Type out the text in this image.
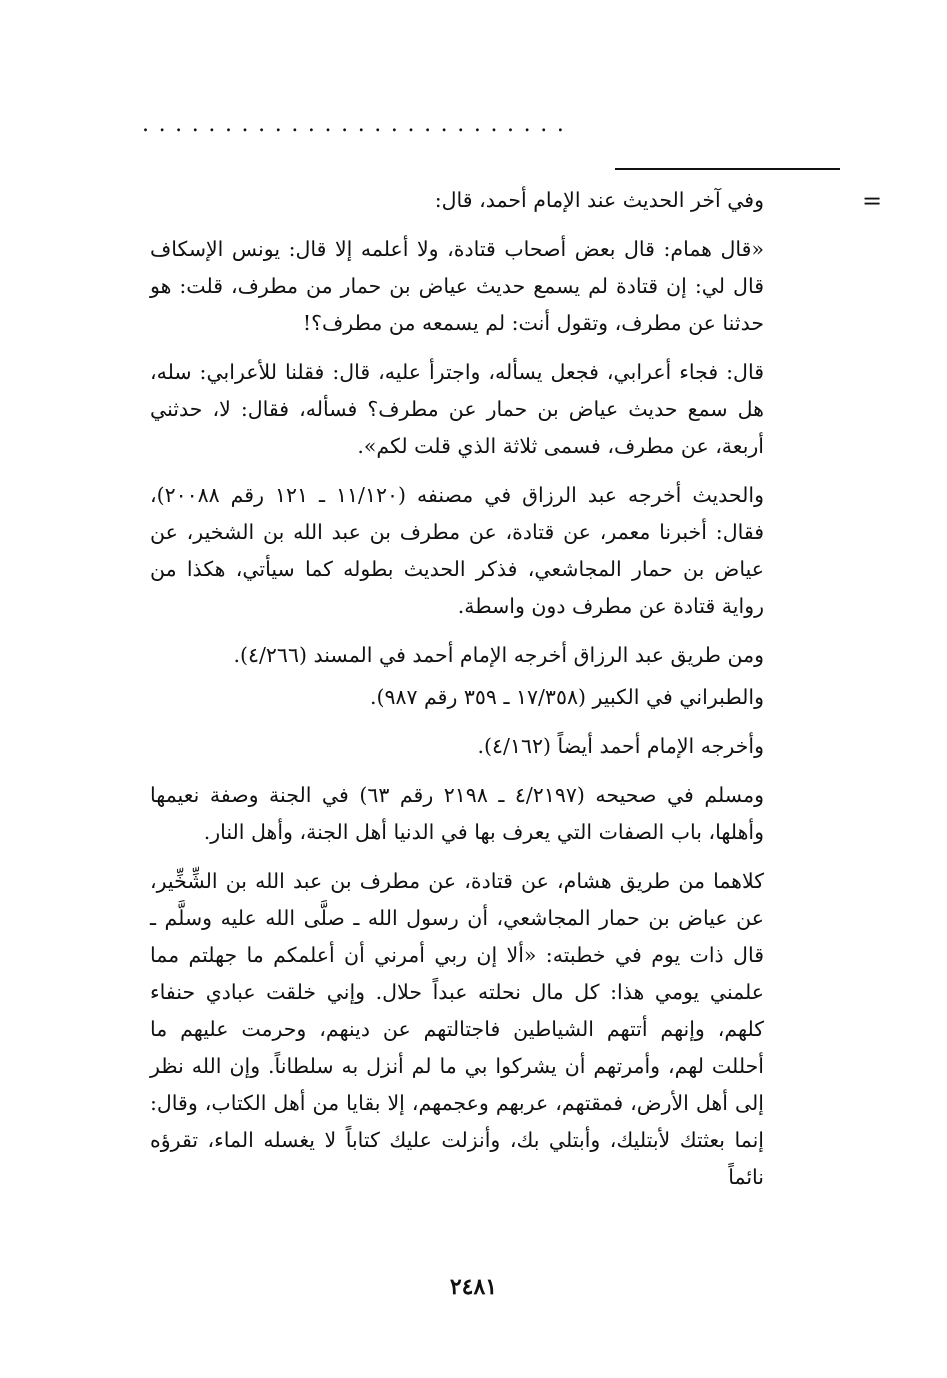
..........................
=

وفي آخر الحديث عند الإمام أحمد، قال:

«قال همام: قال بعض أصحاب قتادة، ولا أعلمه إلا قال: يونس الإسكاف قال لي: إن قتادة لم يسمع حديث عياض بن حمار من مطرف، قلت: هو حدثنا عن مطرف، وتقول أنت: لم يسمعه من مطرف؟!

قال: فجاء أعرابي، فجعل يسأله، واجترأ عليه، قال: فقلنا للأعرابي: سله، هل سمع حديث عياض بن حمار عن مطرف؟ فسأله، فقال: لا، حدثني أربعة، عن مطرف، فسمى ثلاثة الذي قلت لكم».

والحديث أخرجه عبد الرزاق في مصنفه (١١/١٢٠ ـ ١٢١ رقم ٢٠٠٨٨)، فقال: أخبرنا معمر، عن قتادة، عن مطرف بن عبد الله بن الشخير، عن عياض بن حمار المجاشعي، فذكر الحديث بطوله كما سيأتي، هكذا من رواية قتادة عن مطرف دون واسطة.

ومن طريق عبد الرزاق أخرجه الإمام أحمد في المسند (٤/٢٦٦).

والطبراني في الكبير (١٧/٣٥٨ ـ ٣٥٩ رقم ٩٨٧).

وأخرجه الإمام أحمد أيضاً (٤/١٦٢).

ومسلم في صحيحه (٤/٢١٩٧ ـ ٢١٩٨ رقم ٦٣) في الجنة وصفة نعيمها وأهلها، باب الصفات التي يعرف بها في الدنيا أهل الجنة، وأهل النار.

كلاهما من طريق هشام، عن قتادة، عن مطرف بن عبد الله بن الشِّخِّير، عن عياض بن حمار المجاشعي، أن رسول الله ـ صلَّى الله عليه وسلَّم ـ قال ذات يوم في خطبته: «ألا إن ربي أمرني أن أعلمكم ما جهلتم مما علمني يومي هذا: كل مال نحلته عبداً حلال. وإني خلقت عبادي حنفاء كلهم، وإنهم أتتهم الشياطين فاجتالتهم عن دينهم، وحرمت عليهم ما أحللت لهم، وأمرتهم أن يشركوا بي ما لم أنزل به سلطاناً. وإن الله نظر إلى أهل الأرض، فمقتهم، عربهم وعجمهم، إلا بقايا من أهل الكتاب، وقال: إنما بعثتك لأبتليك، وأبتلي بك، وأنزلت عليك كتاباً لا يغسله الماء، تقرؤه نائماً

٢٤٨١
